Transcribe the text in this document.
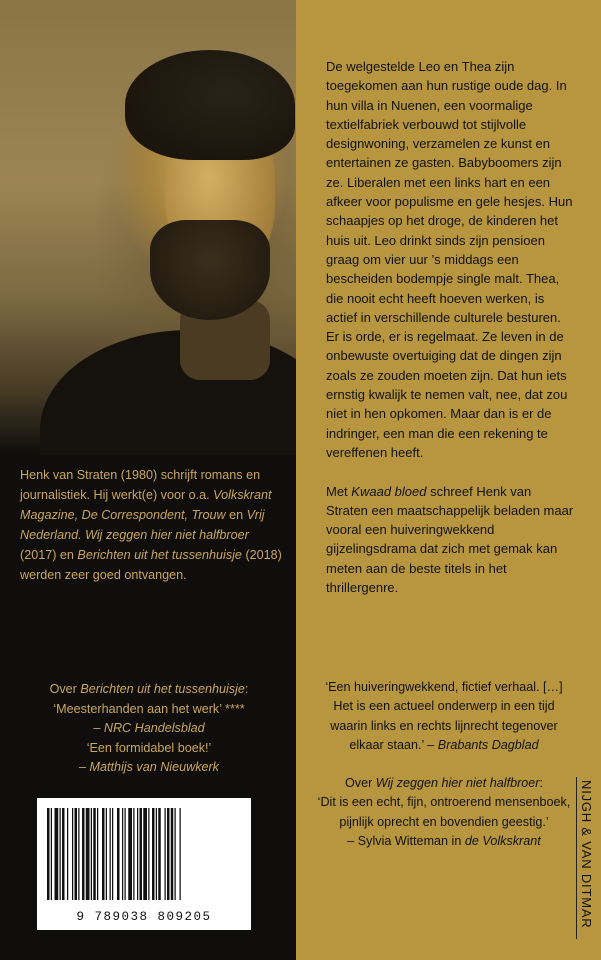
Henk van Straten (1980) schrijft romans en journalistiek. Hij werkt(e) voor o.a. Volkskrant Magazine, De Correspondent, Trouw en Vrij Nederland. Wij zeggen hier niet halfbroer (2017) en Berichten uit het tussenhuisje (2018) werden zeer goed ontvangen.
Over Berichten uit het tussenhuisje:
‘Meesterhanden aan het werk’ ****
– NRC Handelsblad
‘Een formidabel boek!’
– Matthijs van Nieuwkerk
9 789038 809205

De welgestelde Leo en Thea zijn toegekomen aan hun rustige oude dag. In hun villa in Nuenen, een voormalige textielfabriek verbouwd tot stijlvolle designwoning, verzamelen ze kunst en entertainen ze gasten. Babyboomers zijn ze. Liberalen met een links hart en een afkeer voor populisme en gele hesjes. Hun schaapjes op het droge, de kinderen het huis uit. Leo drinkt sinds zijn pensioen graag om vier uur ’s middags een bescheiden bodempje single malt. Thea, die nooit echt heeft hoeven werken, is actief in verschillende culturele besturen. Er is orde, er is regelmaat. Ze leven in de onbewuste overtuiging dat de dingen zijn zoals ze zouden moeten zijn. Dat hun iets ernstig kwalijk te nemen valt, nee, dat zou niet in hen opkomen. Maar dan is er de indringer, een man die een rekening te vereffenen heeft.

Met Kwaad bloed schreef Henk van Straten een maatschappelijk beladen maar vooral een huiveringwekkend gijzelingsdrama dat zich met gemak kan meten aan de beste titels in het thrillergenre.

‘Een huiveringwekkend, fictief verhaal. […] Het is een actueel onderwerp in een tijd waarin links en rechts lijnrecht tegenover elkaar staan.’ – Brabants Dagblad
Over Wij zeggen hier niet halfbroer:
‘Dit is een echt, fijn, ontroerend mensenboek, pijnlijk oprecht en bovendien geestig.’
– Sylvia Witteman in de Volkskrant	NIJGH & VAN DITMAR
